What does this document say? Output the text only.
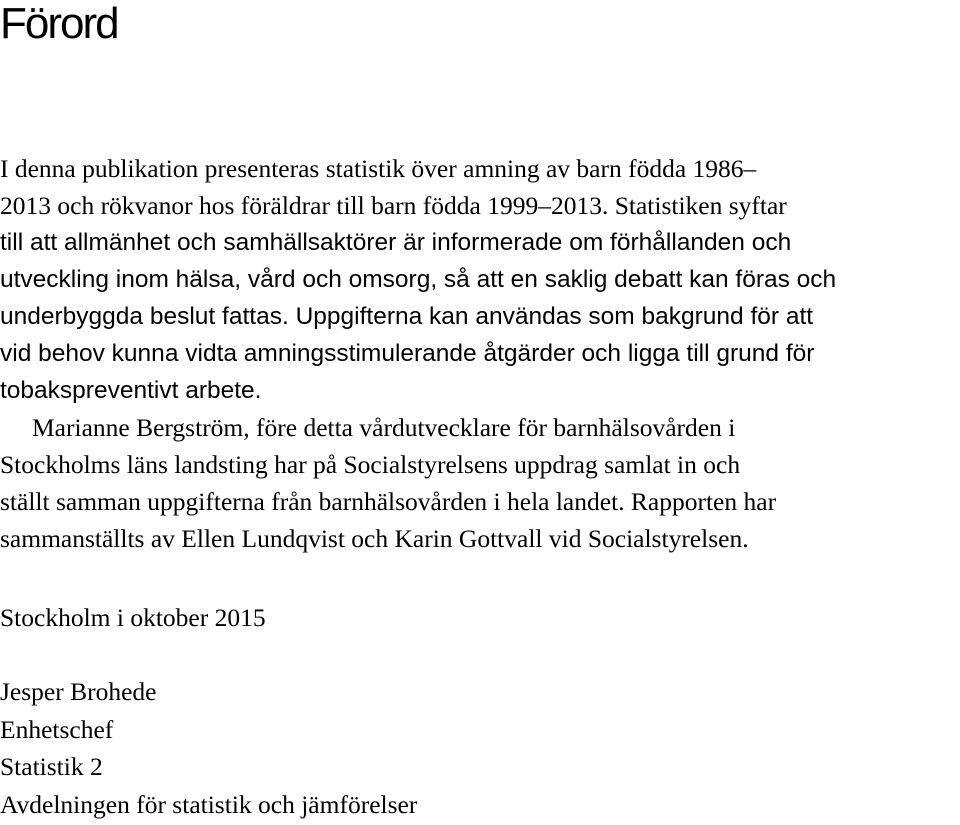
Förord
I denna publikation presenteras statistik över amning av barn födda 1986–
2013 och rökvanor hos föräldrar till barn födda 1999–2013. Statistiken syftar
till att allmänhet och samhällsaktörer är informerade om förhållanden och
utveckling inom hälsa, vård och omsorg, så att en saklig debatt kan föras och
underbyggda beslut fattas. Uppgifterna kan användas som bakgrund för att
vid behov kunna vidta amningsstimulerande åtgärder och ligga till grund för
tobakspreventivt arbete.
Marianne Bergström, före detta vårdutvecklare för barnhälsovården i
Stockholms läns landsting har på Socialstyrelsens uppdrag samlat in och
ställt samman uppgifterna från barnhälsovården i hela landet. Rapporten har
sammanställts av Ellen Lundqvist och Karin Gottvall vid Socialstyrelsen.
Stockholm i oktober 2015
Jesper Brohede
Enhetschef
Statistik 2
Avdelningen för statistik och jämförelser
